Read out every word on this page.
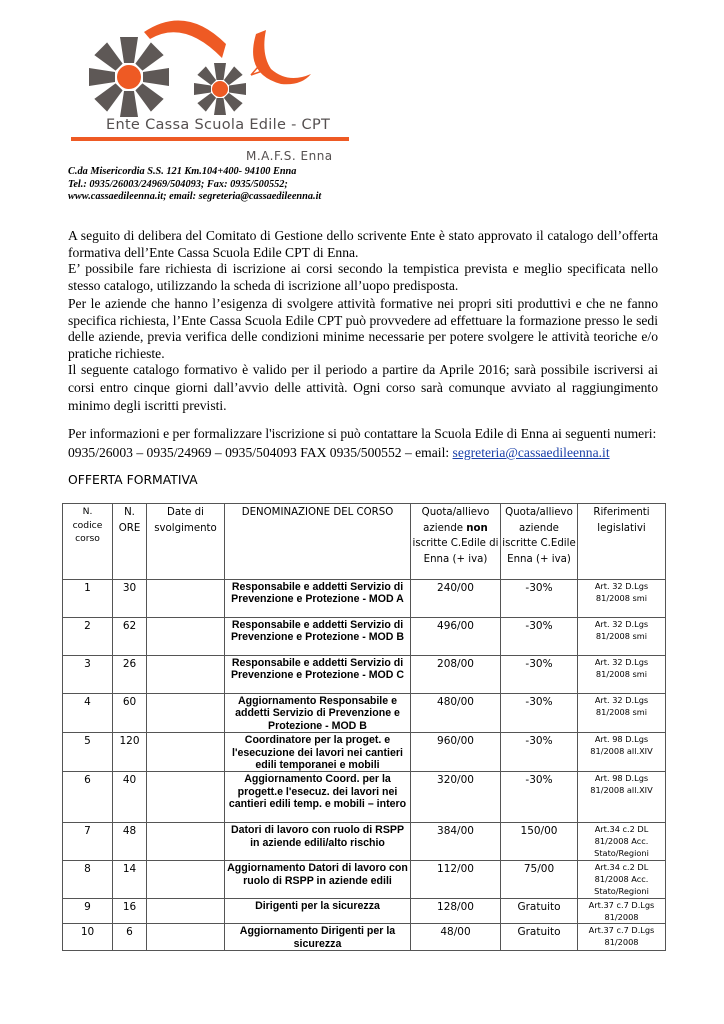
Ente Cassa Scuola Edile - CPT
M.A.F.S. Enna
C.da Misericordia S.S. 121 Km.104+400- 94100 Enna
Tel.: 0935/26003/24969/504093; Fax: 0935/500552;
www.cassaedileenna.it; email: segreteria@cassaedileenna.it

A seguito di delibera del Comitato di Gestione dello scrivente Ente è stato approvato il catalogo dell’offerta formativa dell’Ente Cassa Scuola Edile CPT di Enna.

E’ possibile fare richiesta di iscrizione ai corsi secondo la tempistica prevista e meglio specificata nello stesso catalogo, utilizzando la scheda di iscrizione all’uopo predisposta.

Per le aziende che hanno l’esigenza di svolgere attività formative nei propri siti produttivi e che ne fanno specifica richiesta, l’Ente Cassa Scuola Edile CPT può provvedere ad effettuare la formazione presso le sedi delle aziende, previa verifica delle condizioni minime necessarie per potere svolgere le attività teoriche e/o pratiche richieste.

Il seguente catalogo formativo è valido per il periodo a partire da Aprile 2016; sarà possibile iscriversi ai corsi entro cinque giorni dall’avvio delle attività. Ogni corso sarà comunque avviato al raggiungimento minimo degli iscritti previsti.

Per informazioni e per formalizzare l'iscrizione si può contattare la Scuola Edile di Enna ai seguenti numeri:

0935/26003 – 0935/24969 – 0935/504093 FAX 0935/500552 – email: segreteria@cassaedileenna.it

OFFERTA FORMATIVA
N.
codice
corso	N.
ORE	Date di
svolgimento	DENOMINAZIONE DEL CORSO	Quota/allievo aziende non iscritte C.Edile di Enna (+ iva)	Quota/allievo aziende iscritte C.Edile Enna (+ iva)	Riferimenti legislativi
1	30		Responsabile e addetti Servizio di Prevenzione e Protezione - MOD A	240/00	-30%	Art. 32 D.Lgs 81/2008 smi
2	62		Responsabile e addetti Servizio di Prevenzione e Protezione - MOD B	496/00	-30%	Art. 32 D.Lgs 81/2008 smi
3	26		Responsabile e addetti Servizio di Prevenzione e Protezione - MOD C	208/00	-30%	Art. 32 D.Lgs 81/2008 smi
4	60		Aggiornamento Responsabile e addetti Servizio di Prevenzione e Protezione - MOD B	480/00	-30%	Art. 32 D.Lgs 81/2008 smi
5	120		Coordinatore per la proget. e l'esecuzione dei lavori nei cantieri edili temporanei e mobili	960/00	-30%	Art. 98 D.Lgs 81/2008 all.XIV
6	40		Aggiornamento Coord. per la progett.e l'esecuz. dei lavori nei cantieri edili temp. e mobili – intero	320/00	-30%	Art. 98 D.Lgs 81/2008 all.XIV
7	48		Datori di lavoro con ruolo di RSPP in aziende edili/alto rischio	384/00	150/00	Art.34 c.2 DL 81/2008 Acc. Stato/Regioni
8	14		Aggiornamento Datori di lavoro con ruolo di RSPP in aziende edili	112/00	75/00	Art.34 c.2 DL 81/2008 Acc. Stato/Regioni
9	16		Dirigenti per la sicurezza	128/00	Gratuito	Art.37 c.7 D.Lgs 81/2008
10	6		Aggiornamento Dirigenti per la sicurezza	48/00	Gratuito	Art.37 c.7 D.Lgs 81/2008
